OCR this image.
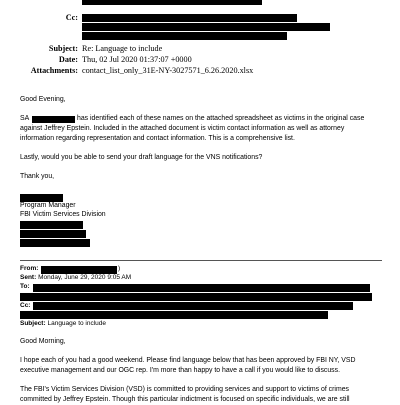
Cc:
Subject: Re: Language to include
Date: Thu, 02 Jul 2020 01:37:07 +0000
Attachments: contact_list_only_31E-NY-3027571_6.26.2020.xlsx
Good Evening,
SA	has identified each of these names on the attached spreadsheet as victims in the original case
against Jeffrey Epstein. Included in the attached document is victim contact information as well as attorney
information regarding representation and contact information. This is a comprehensive list.
Lastly, would you be able to send your draft language for the VNS notifications?
Thank you,
Program Manager
FBI Victim Services Division
From:	)
Sent: Monday, June 29, 2020 9:05 AM
To:
Cc:
Subject: Language to include
Good Morning,
I hope each of you had a good weekend. Please find language below that has been approved by FBI NY, VSD
executive management and our OGC rep. I'm more than happy to have a call if you would like to discuss.
The FBI's Victim Services Division (VSD) is committed to providing services and support to victims of crimes
committed by Jeffrey Epstein. Though this particular indictment is focused on specific individuals, we are still
